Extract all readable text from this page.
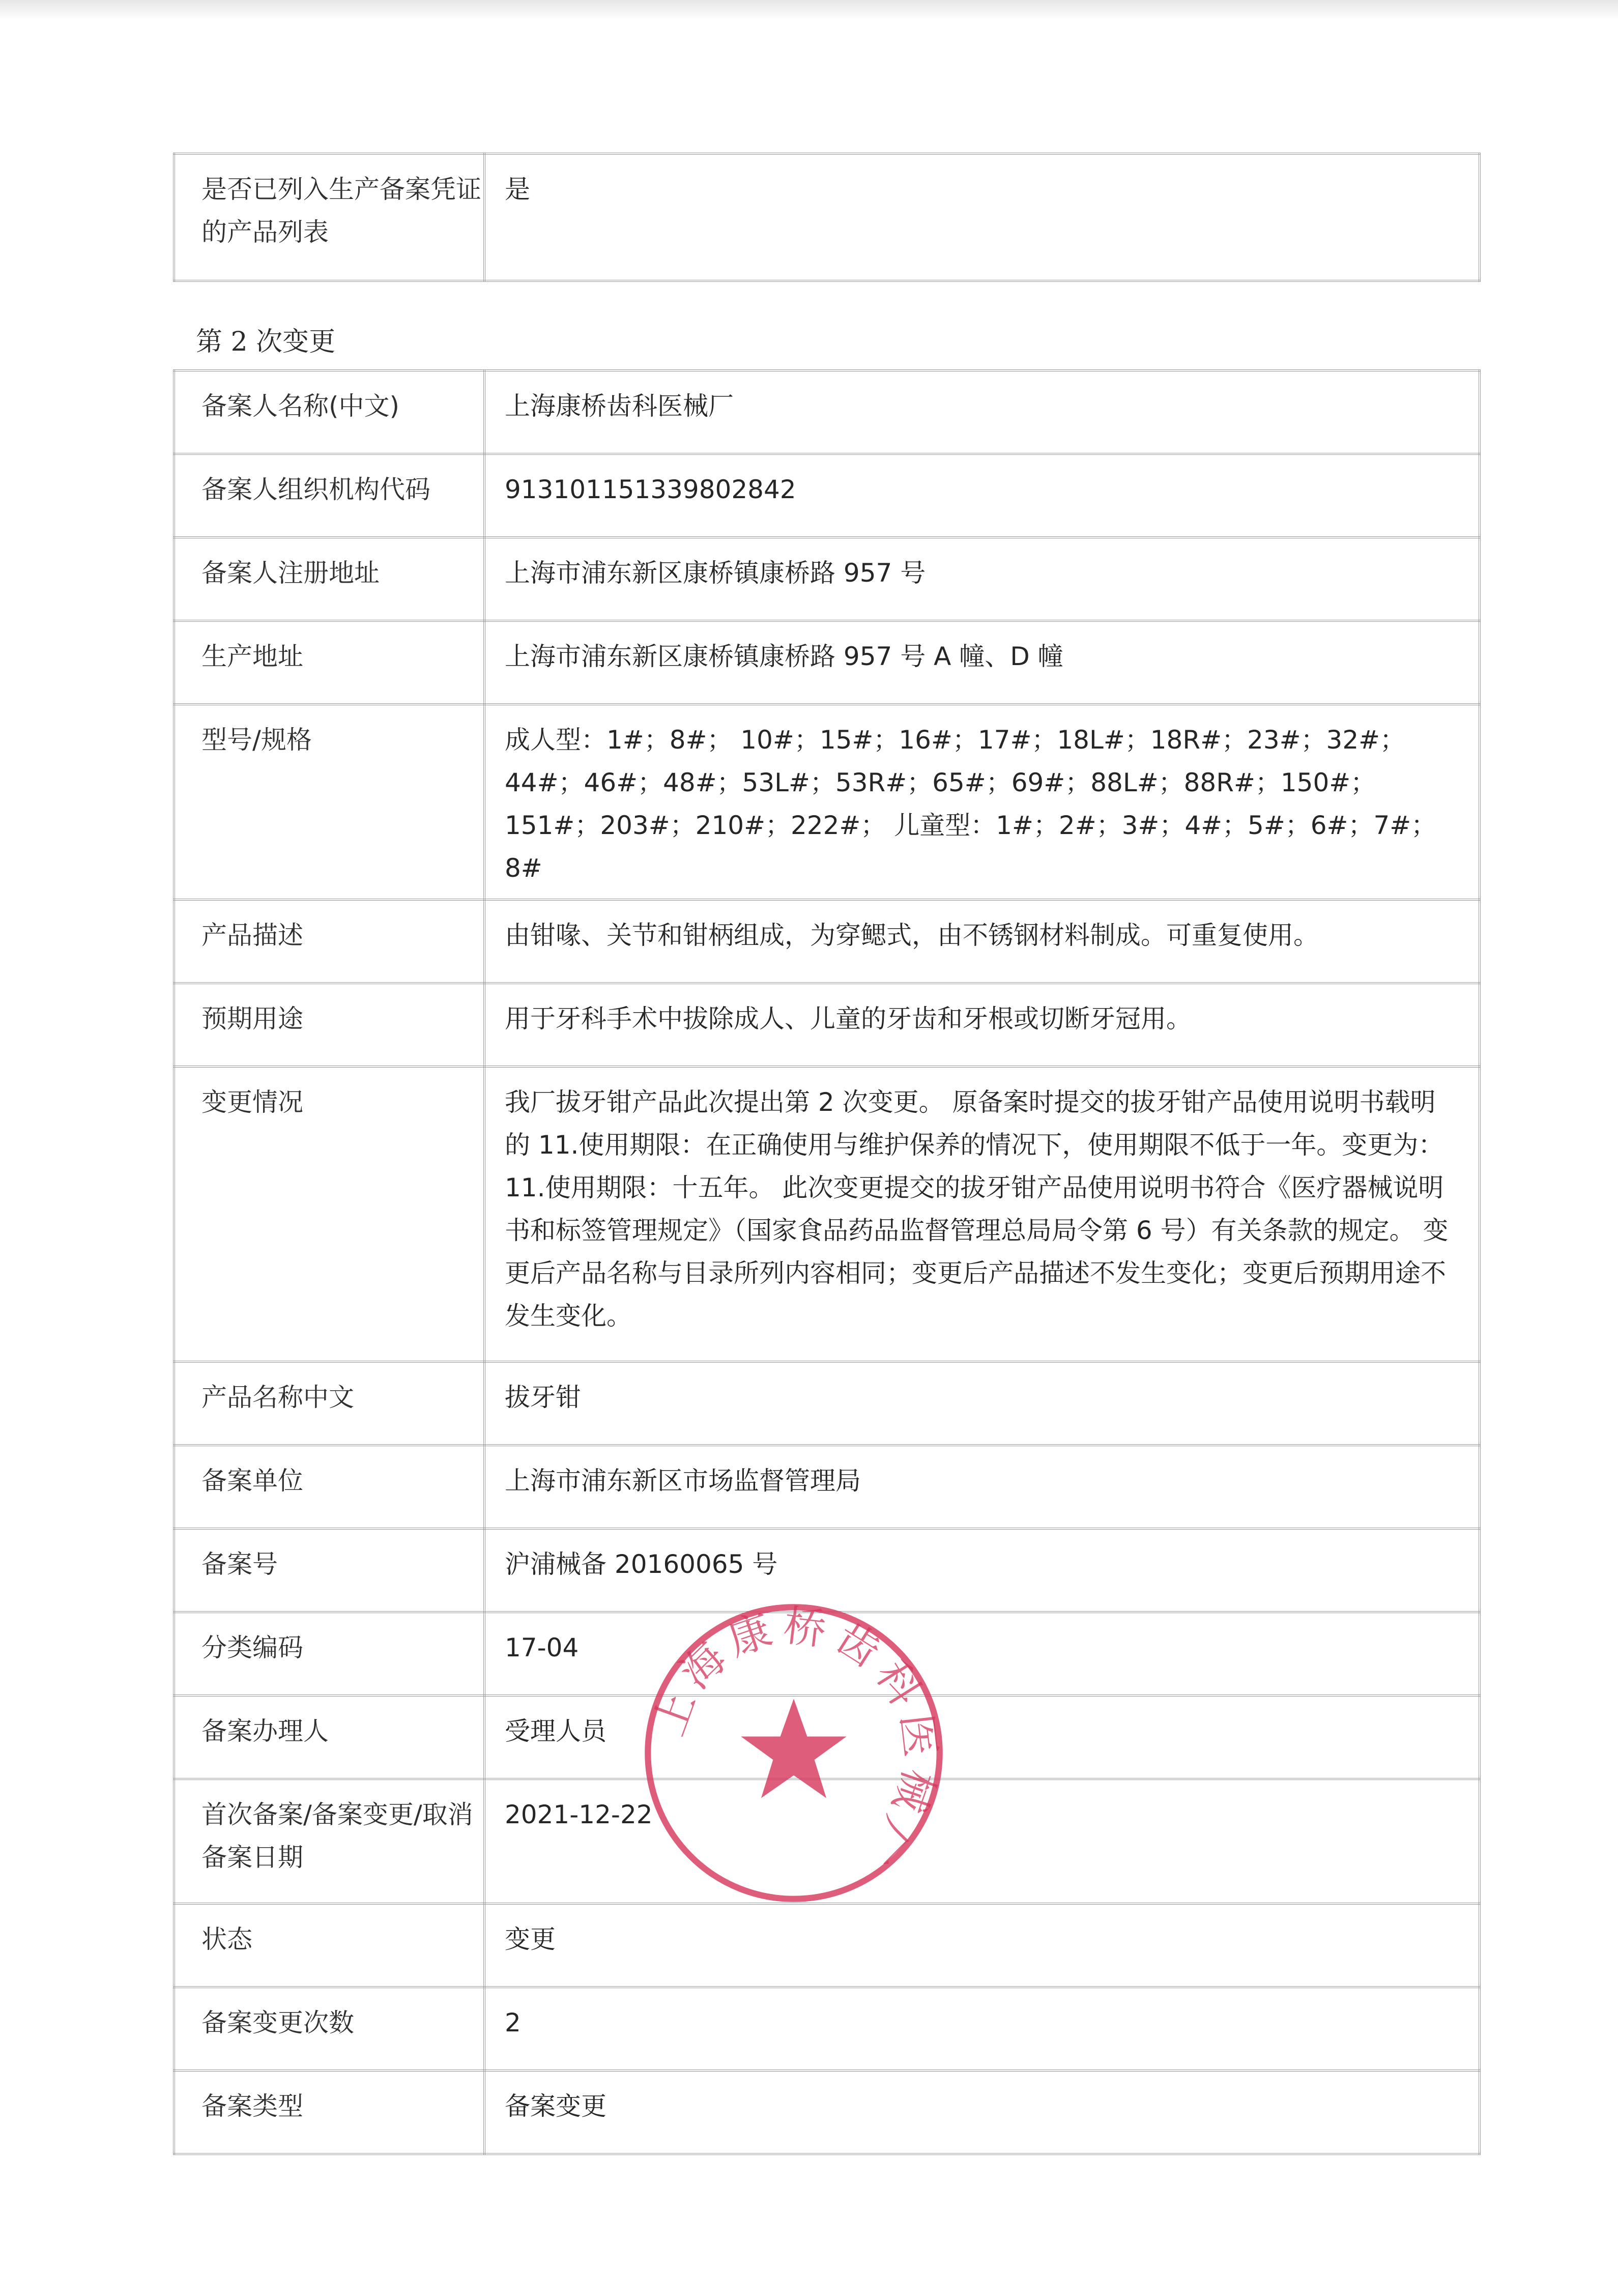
是否已列入生产备案凭证的产品列表	是
第 2 次变更
备案人名称(中文)	上海康桥齿科医械厂
备案人组织机构代码	913101151339802842
备案人注册地址	上海市浦东新区康桥镇康桥路 957 号
生产地址	上海市浦东新区康桥镇康桥路 957 号 A 幢、D 幢
型号/规格	成人型：1#；8#； 10#；15#；16#；17#；18L#；18R#；23#；32#；44#；46#；48#；53L#；53R#；65#；69#；88L#；88R#；150#；151#；203#；210#；222#； 儿童型：1#；2#；3#；4#；5#；6#；7#；8#
产品描述	由钳喙、关节和钳柄组成，为穿鳃式，由不锈钢材料制成。可重复使用。
预期用途	用于牙科手术中拔除成人、儿童的牙齿和牙根或切断牙冠用。
变更情况	我厂拔牙钳产品此次提出第 2 次变更。 原备案时提交的拔牙钳产品使用说明书载明的 11.使用期限：在正确使用与维护保养的情况下，使用期限不低于一年。变更为：11.使用期限：十五年。 此次变更提交的拔牙钳产品使用说明书符合《医疗器械说明书和标签管理规定》（国家食品药品监督管理总局局令第 6 号）有关条款的规定。 变更后产品名称与目录所列内容相同；变更后产品描述不发生变化；变更后预期用途不发生变化。
产品名称中文	拔牙钳
备案单位	上海市浦东新区市场监督管理局
备案号	沪浦械备 20160065 号
分类编码	17-04
备案办理人	受理人员
首次备案/备案变更/取消备案日期	2021-12-22
状态	变更
备案变更次数	2
备案类型	备案变更
上海康桥齿科医械厂
